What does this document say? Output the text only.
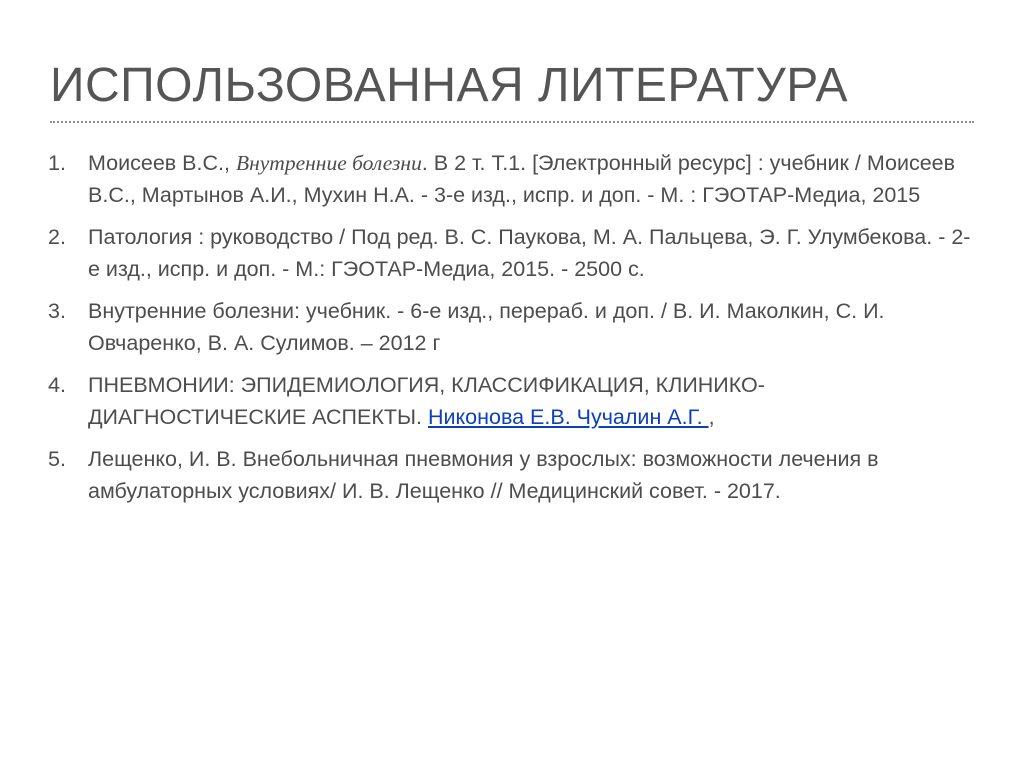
ИСПОЛЬЗОВАННАЯ ЛИТЕРАТУРА
1. Моисеев В.С., Внутренние болезни. В 2 т. Т.1. [Электронный ресурс] : учебник / Моисеев В.С., Мартынов А.И., Мухин Н.А. - 3-е изд., испр. и доп. - М. : ГЭОТАР-Медиа, 2015
2. Патология : руководство / Под ред. В. С. Паукова, М. А. Пальцева, Э. Г. Улумбекова. - 2-е изд., испр. и доп. - М.: ГЭОТАР-Медиа, 2015. - 2500 с.
3. Внутренние болезни: учебник. - 6-е изд., перераб. и доп. / В. И. Маколкин, С. И. Овчаренко, В. А. Сулимов. – 2012 г
4. ПНЕВМОНИИ: ЭПИДЕМИОЛОГИЯ, КЛАССИФИКАЦИЯ, КЛИНИКО-ДИАГНОСТИЧЕСКИЕ АСПЕКТЫ. Никонова Е.В. Чучалин А.Г. ,
5. Лещенко, И. В. Внебольничная пневмония у взрослых: возможности лечения в амбулаторных условиях/ И. В. Лещенко // Медицинский совет. - 2017.
